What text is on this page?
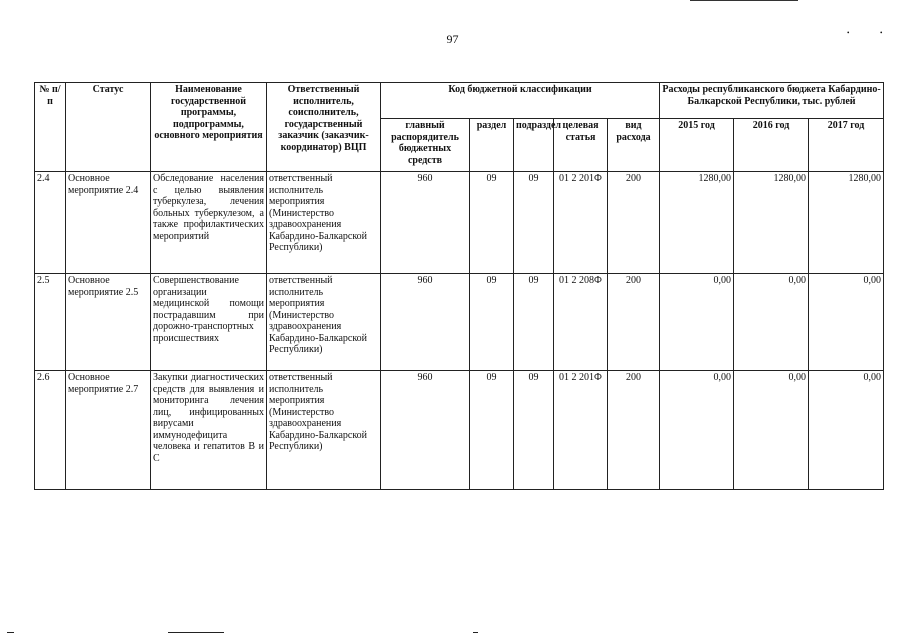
97	•	•
№ п/п	Статус	Наименование государственной программы, подпрограммы, основного мероприятия	Ответственный исполнитель, соисполнитель, государственный заказчик (заказчик-координатор) ВЦП	Код бюджетной классификации					Расходы республиканского бюджета Кабардино-Балкарской Республики, тыс. рублей		
				главный распорядитель бюджетных средств	раздел	подраздел	целевая статья	вид расхода	2015 год	2016 год	2017 год
2.4	Основное мероприятие 2.4	Обследование населения с целью выявления туберкулеза, лечения больных туберкулезом, а также профилактических мероприятий	ответственный исполнитель мероприятия (Министерство здравоохранения Кабардино-Балкарской Республики)	960	09	09	01 2 201Ф	200	1280,00	1280,00	1280,00
2.5	Основное мероприятие 2.5	Совершенствование организации медицинской помощи пострадавшим при дорожно-транспортных происшествиях	ответственный исполнитель мероприятия (Министерство здравоохранения Кабардино-Балкарской Республики)	960	09	09	01 2 208Ф	200	0,00	0,00	0,00
2.6	Основное мероприятие 2.7	Закупки диагностических средств для выявления и мониторинга лечения лиц, инфицированных вирусами иммунодефицита человека и гепатитов В и С	ответственный исполнитель мероприятия (Министерство здравоохранения Кабардино-Балкарской Республики)	960	09	09	01 2 201Ф	200	0,00	0,00	0,00
